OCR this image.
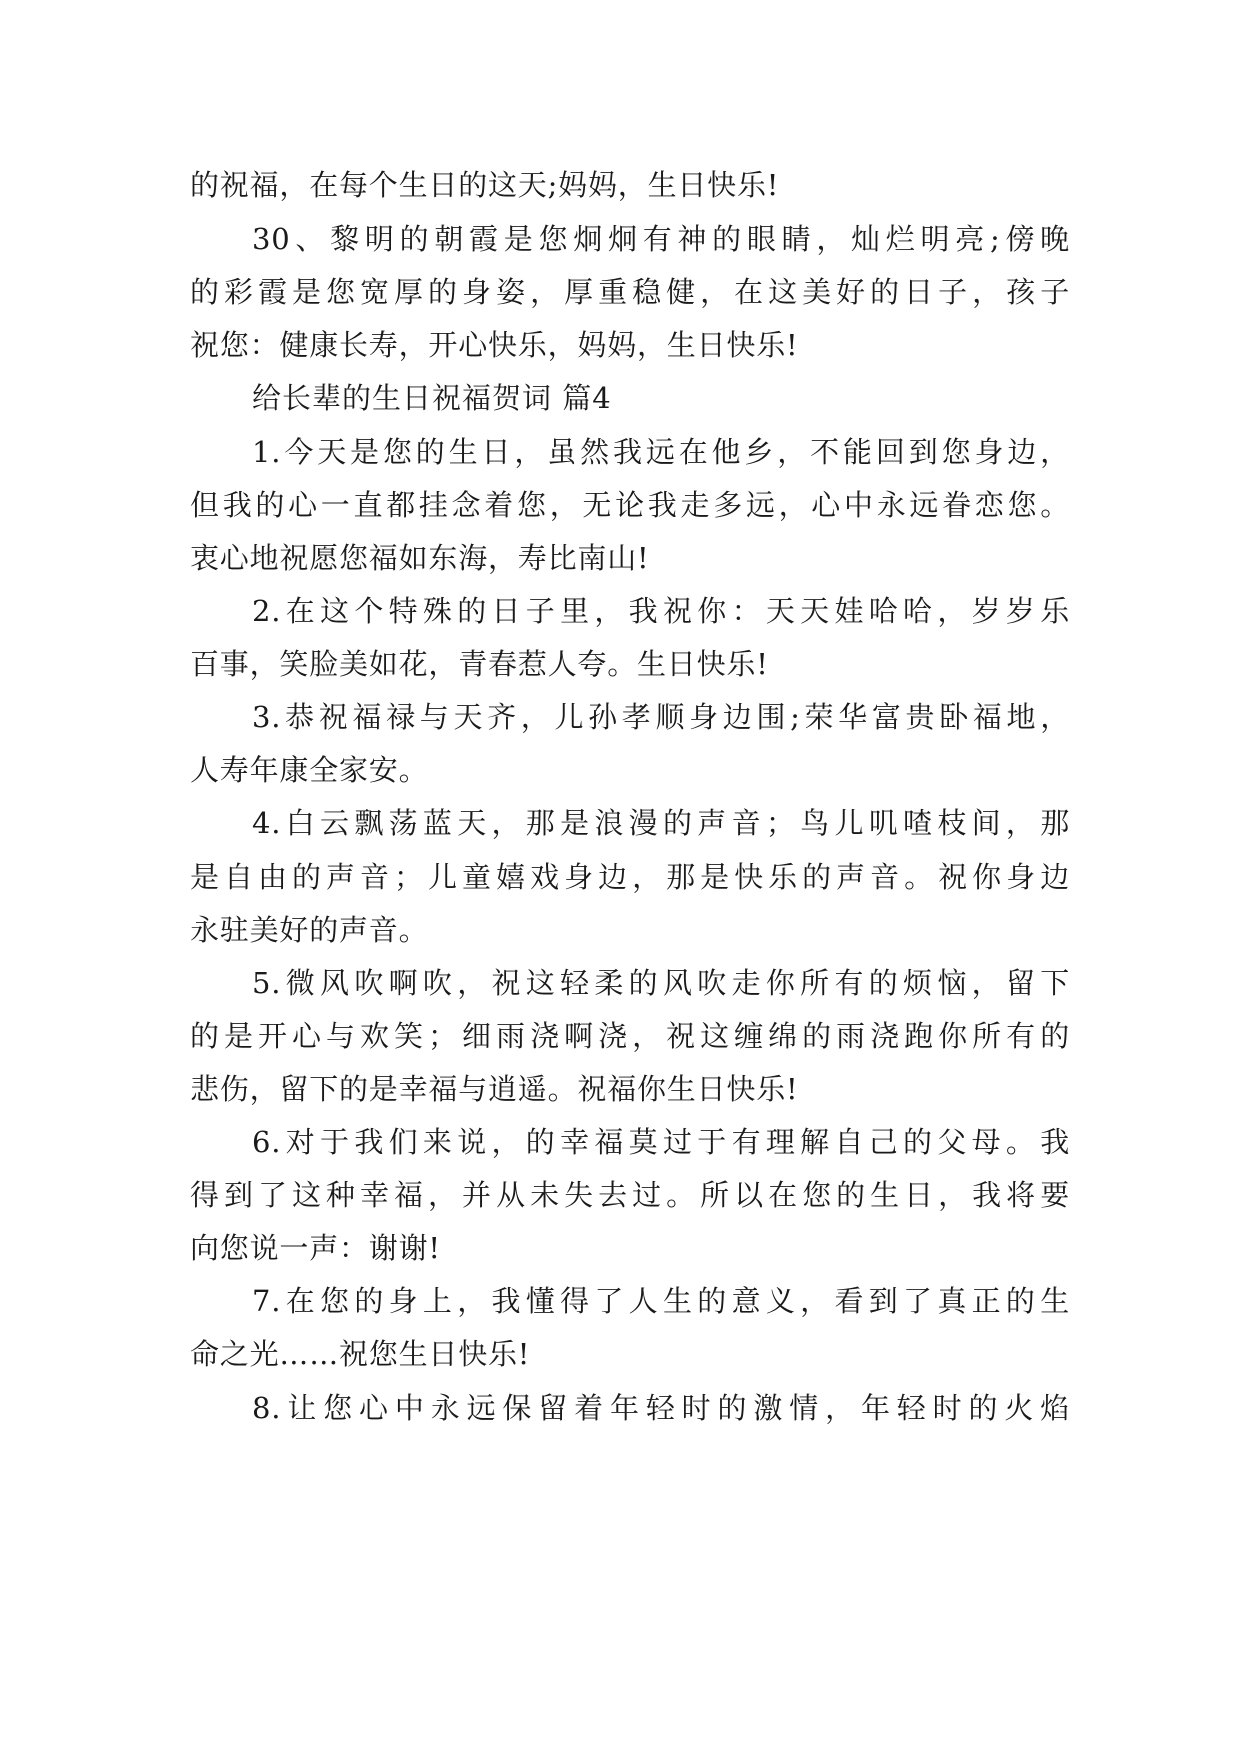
的祝福，在每个生日的这天;妈妈，生日快乐!
30、黎明的朝霞是您炯炯有神的眼睛，灿烂明亮;傍晚
的彩霞是您宽厚的身姿，厚重稳健，在这美好的日子，孩子
祝您：健康长寿，开心快乐，妈妈，生日快乐!
给长辈的生日祝福贺词 篇4
1.今天是您的生日，虽然我远在他乡，不能回到您身边，
但我的心一直都挂念着您，无论我走多远，心中永远眷恋您。
衷心地祝愿您福如东海，寿比南山!
2.在这个特殊的日子里，我祝你：天天娃哈哈，岁岁乐
百事，笑脸美如花，青春惹人夸。生日快乐!
3.恭祝福禄与天齐，儿孙孝顺身边围;荣华富贵卧福地，
人寿年康全家安。
4.白云飘荡蓝天，那是浪漫的声音；鸟儿叽喳枝间，那
是自由的声音；儿童嬉戏身边，那是快乐的声音。祝你身边
永驻美好的声音。
5.微风吹啊吹，祝这轻柔的风吹走你所有的烦恼，留下
的是开心与欢笑；细雨浇啊浇，祝这缠绵的雨浇跑你所有的
悲伤，留下的是幸福与逍遥。祝福你生日快乐!
6.对于我们来说，的幸福莫过于有理解自己的父母。我
得到了这种幸福，并从未失去过。所以在您的生日，我将要
向您说一声：谢谢!
7.在您的身上，我懂得了人生的意义，看到了真正的生
命之光……祝您生日快乐!
8.让您心中永远保留着年轻时的激情，年轻时的火焰
